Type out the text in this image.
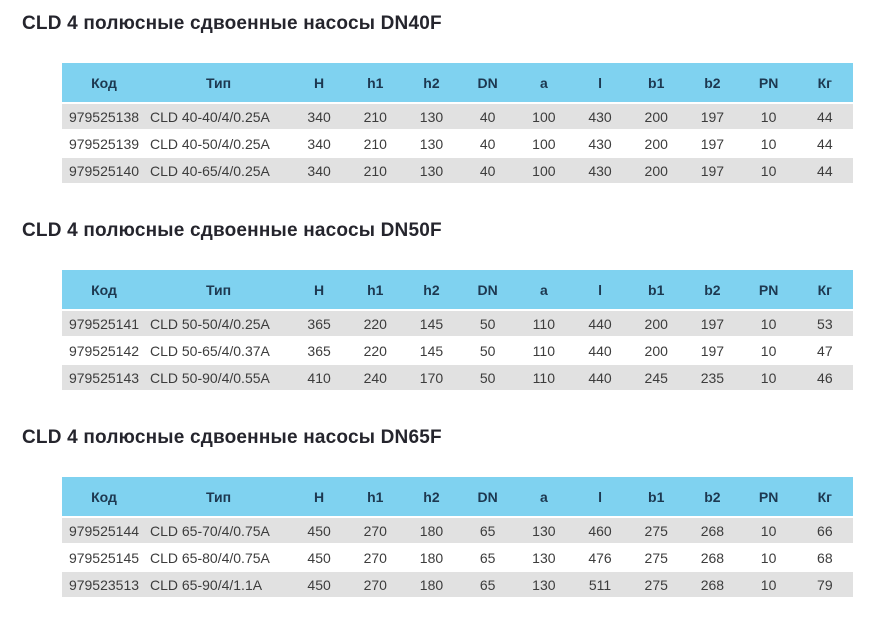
CLD 4 полюсные сдвоенные насосы DN40F
Код	Тип	H	h1	h2	DN	a	l	b1	b2	PN	Кг
979525138	CLD 40-40/4/0.25A	340	210	130	40	100	430	200	197	10	44
979525139	CLD 40-50/4/0.25A	340	210	130	40	100	430	200	197	10	44
979525140	CLD 40-65/4/0.25A	340	210	130	40	100	430	200	197	10	44
CLD 4 полюсные сдвоенные насосы DN50F
Код	Тип	H	h1	h2	DN	a	l	b1	b2	PN	Кг
979525141	CLD 50-50/4/0.25A	365	220	145	50	110	440	200	197	10	53
979525142	CLD 50-65/4/0.37A	365	220	145	50	110	440	200	197	10	47
979525143	CLD 50-90/4/0.55A	410	240	170	50	110	440	245	235	10	46
CLD 4 полюсные сдвоенные насосы DN65F
Код	Тип	H	h1	h2	DN	a	l	b1	b2	PN	Кг
979525144	CLD 65-70/4/0.75A	450	270	180	65	130	460	275	268	10	66
979525145	CLD 65-80/4/0.75A	450	270	180	65	130	476	275	268	10	68
979523513	CLD 65-90/4/1.1A	450	270	180	65	130	511	275	268	10	79
